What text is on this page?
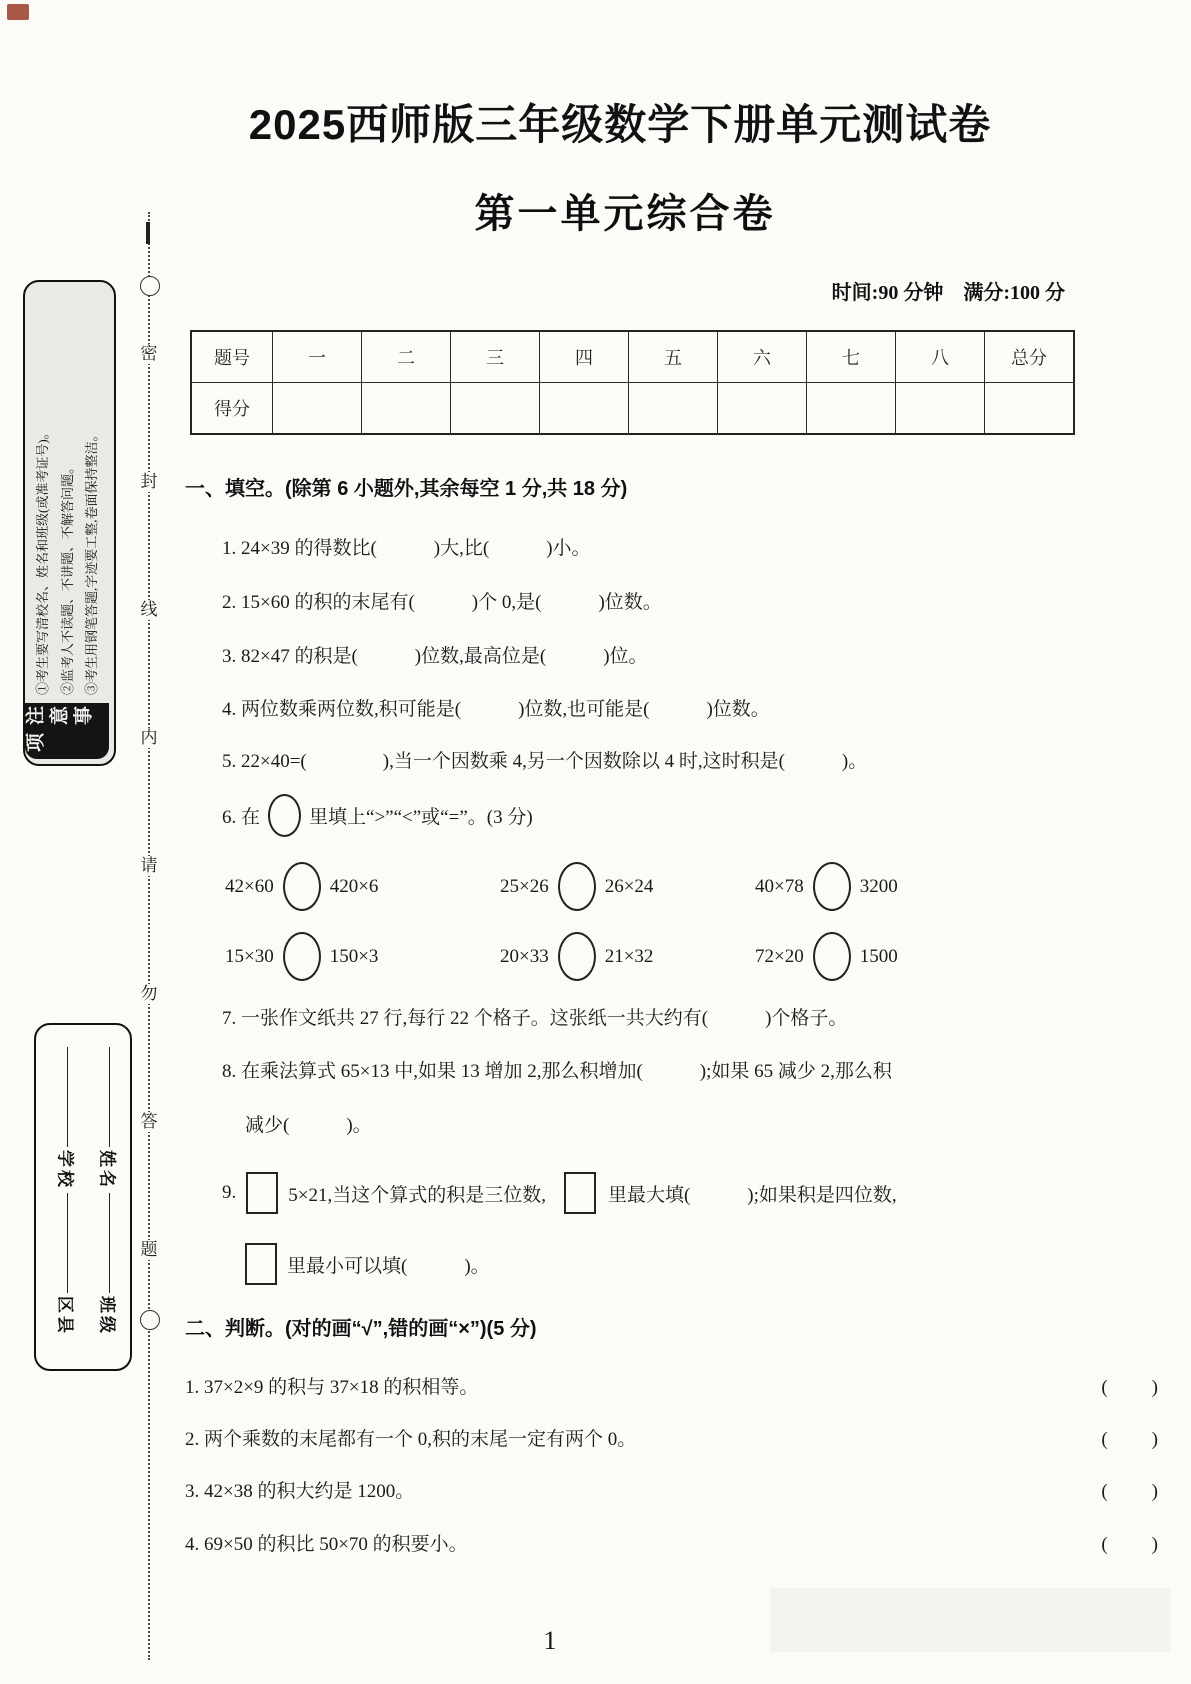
注意事项
①考生要写清校名、姓名和班级(或准考证号)。 ②监考人不读题、不讲题、不解答问题。 ③考生用钢笔答题,字迹要工整,卷面保持整洁。
学校
区县
姓名
班级
密
封
线
内
请
勿
答
题
2025西师版三年级数学下册单元测试卷
第一单元综合卷
时间:90 分钟　满分:100 分
题号	一	二	三	四	五	六	七	八	总分
得分									
一、填空。(除第 6 小题外,其余每空 1 分,共 18 分)
1. 24×39 的得数比(　　　)大,比(　　　)小。
2. 15×60 的积的末尾有(　　　)个 0,是(　　　)位数。
3. 82×47 的积是(　　　)位数,最高位是(　　　)位。
4. 两位数乘两位数,积可能是(　　　)位数,也可能是(　　　)位数。
5. 22×40=(　　　　),当一个因数乘 4,另一个因数除以 4 时,这时积是(　　　)。
6. 在	里填上“>”“<”或“=”。(3 分)
42×60	420×6	25×26	26×24	40×78	3200
15×30	150×3	20×33	21×32	72×20	1500
7. 一张作文纸共 27 行,每行 22 个格子。这张纸一共大约有(　　　)个格子。
8. 在乘法算式 65×13 中,如果 13 增加 2,那么积增加(　　　);如果 65 减少 2,那么积
减少(　　　)。
9.	5×21,当这个算式的积是三位数,	里最大填(　　　);如果积是四位数,
里最小可以填(　　　)。
二、判断。(对的画“√”,错的画“×”)(5 分)
1. 37×2×9 的积与 37×18 的积相等。	(　　)
2. 两个乘数的末尾都有一个 0,积的末尾一定有两个 0。	(　　)
3. 42×38 的积大约是 1200。	(　　)
4. 69×50 的积比 50×70 的积要小。	(　　)
1
